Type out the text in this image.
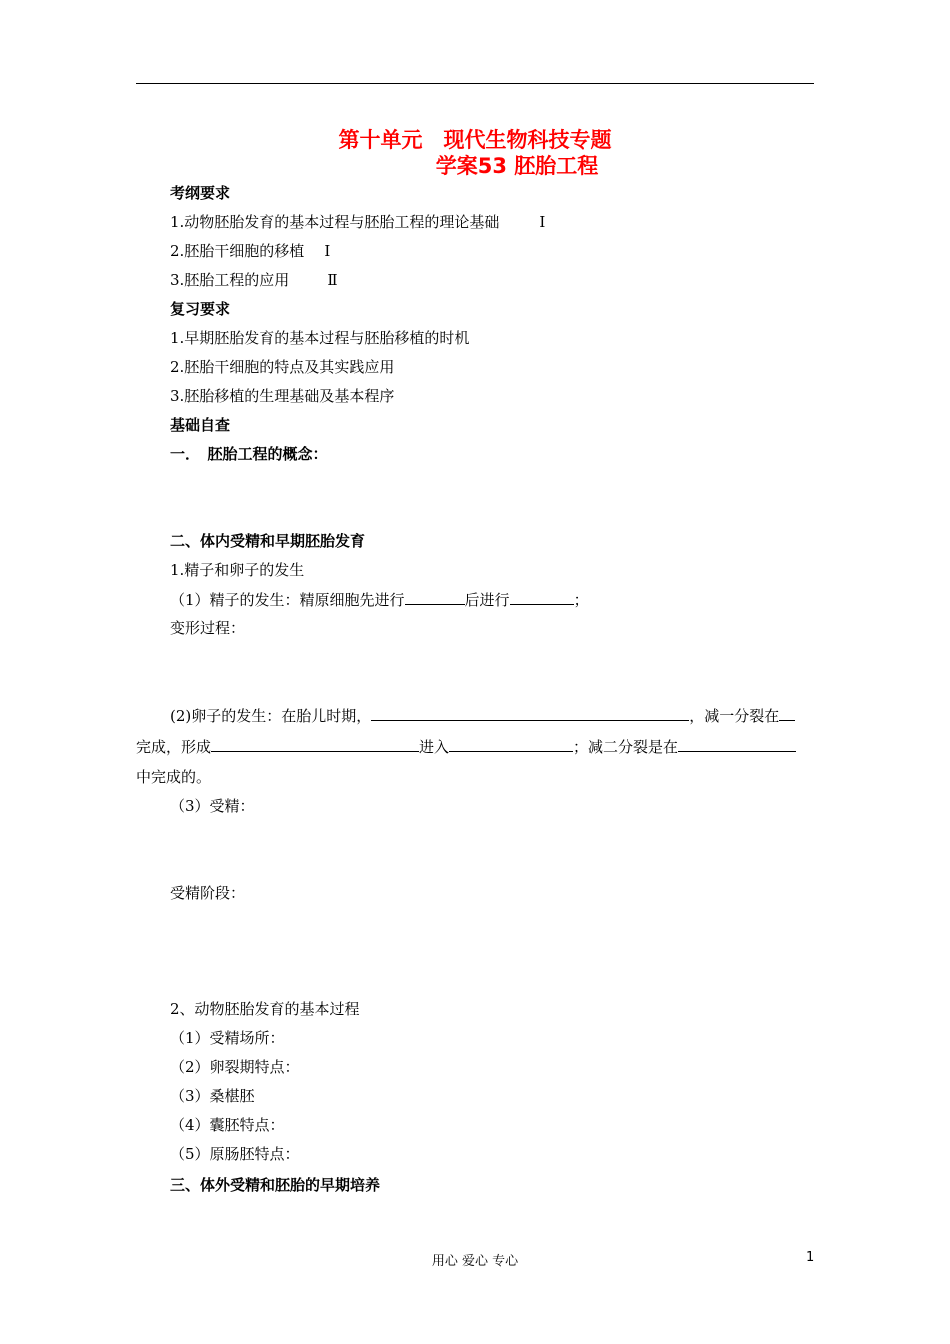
第十单元　现代生物科技专题
学案53 胚胎工程
考纲要求
1.动物胚胎发育的基本过程与胚胎工程的理论基础	Ⅰ
2.胚胎干细胞的移植 Ⅰ
3.胚胎工程的应用	Ⅱ
复习要求
1.早期胚胎发育的基本过程与胚胎移植的时机
2.胚胎干细胞的特点及其实践应用
3.胚胎移植的生理基础及基本程序
基础自查
一．　胚胎工程的概念：
二、体内受精和早期胚胎发育
1.精子和卵子的发生
（1）精子的发生：精原细胞先进行	后进行	；
变形过程：
(2)卵子的发生：在胎儿时期，	，减一分裂在
完成，形成	进入	；减二分裂是在
中完成的。
（3）受精：
受精阶段：
2、动物胚胎发育的基本过程
（1）受精场所：
（2）卵裂期特点：
（3）桑椹胚
（4）囊胚特点：
（5）原肠胚特点：
三、体外受精和胚胎的早期培养
用心 爱心 专心	1
